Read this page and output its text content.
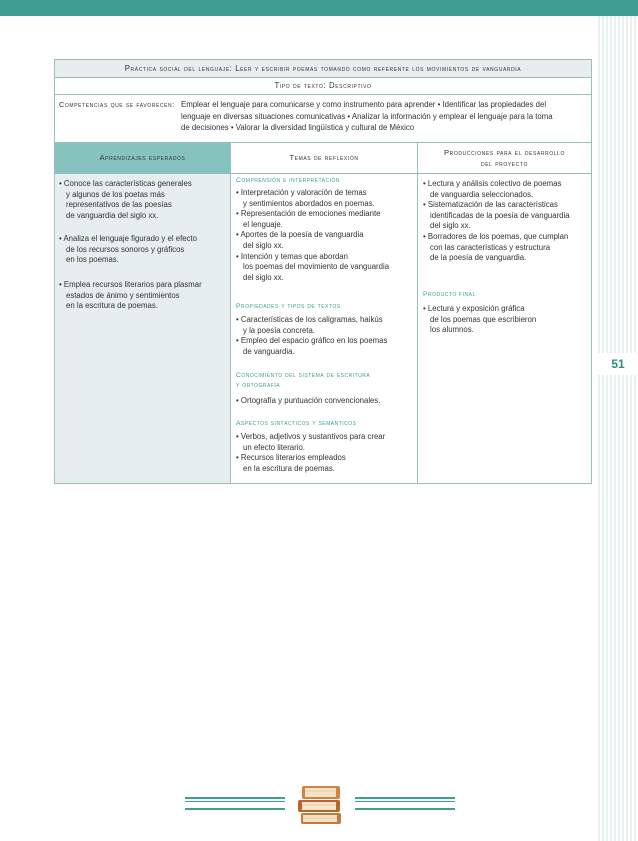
51
Práctica social del lenguaje: Leer y escribir poemas tomando como referente los movimientos de vanguardia
Tipo de texto: Descriptivo
Competencias que se favorecen: Emplear el lenguaje para comunicarse y como instrumento para aprender • Identificar las propiedades del
lenguaje en diversas situaciones comunicativas • Analizar la información y emplear el lenguaje para la toma
de decisiones • Valorar la diversidad lingüística y cultural de México
Aprendizajes esperados	Temas de reflexión
Producciones para el desarrollo
del proyecto
• Conoce las características generales
y algunos de los poetas más
representativos de las poesías
de vanguardia del siglo xx.
• Analiza el lenguaje figurado y el efecto
de los recursos sonoros y gráficos
en los poemas.
• Emplea recursos literarios para plasmar
estados de ánimo y sentimientos
en la escritura de poemas.
Comprensión e interpretación
• Interpretación y valoración de temas
y sentimientos abordados en poemas.
• Representación de emociones mediante
el lenguaje.
• Aportes de la poesía de vanguardia
del siglo xx.
• Intención y temas que abordan
los poemas del movimiento de vanguardia
del siglo xx.
Propiedades y tipos de textos
• Características de los caligramas, haikús
y la poesía concreta.
• Empleo del espacio gráfico en los poemas
de vanguardia.
Conocimiento del sistema de escritura
y ortografía
• Ortografía y puntuación convencionales.
Aspectos sintácticos y semánticos
• Verbos, adjetivos y sustantivos para crear
un efecto literario.
• Recursos literarios empleados
en la escritura de poemas.
• Lectura y análisis colectivo de poemas
de vanguardia seleccionados.
• Sistematización de las características
identificadas de la poesía de vanguardia
del siglo xx.
• Borradores de los poemas, que cumplan
con las características y estructura
de la poesía de vanguardia.
Producto final
• Lectura y exposición gráfica
de los poemas que escribieron
los alumnos.
